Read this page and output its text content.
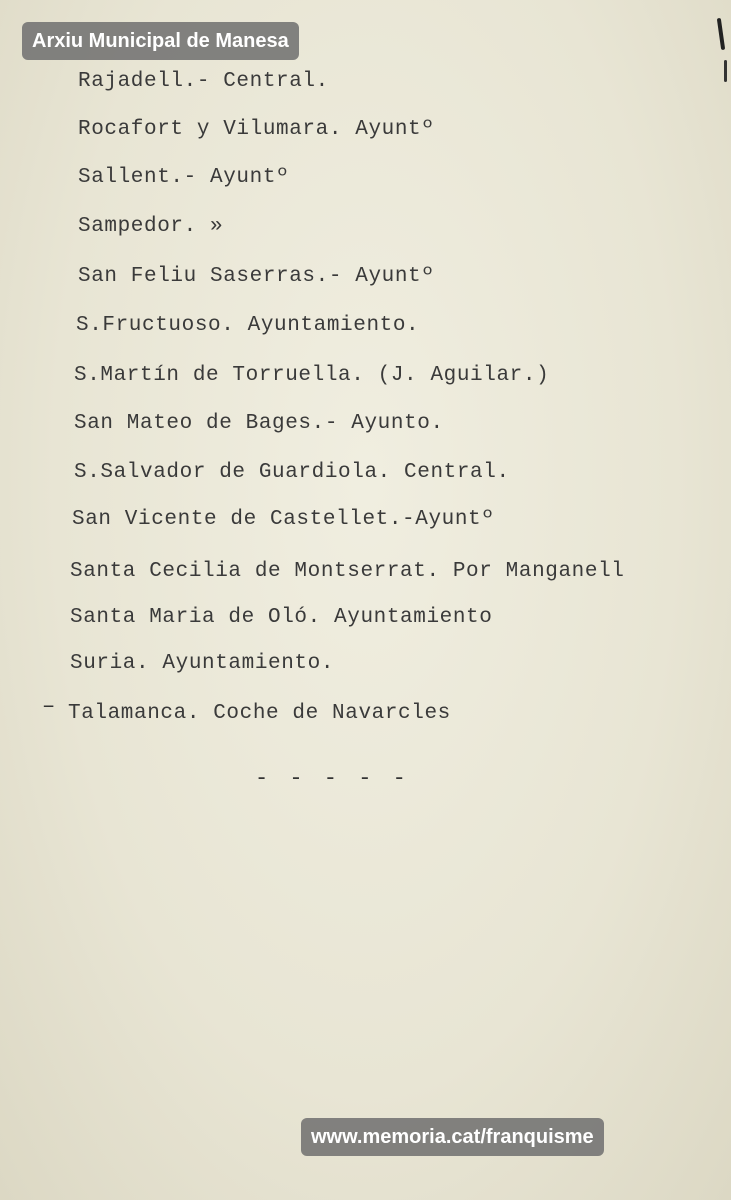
Arxiu Municipal de Manesa
Rajadell.- Central.
Rocafort y Vilumara. Ayuntº
Sallent.- Ayuntº
Sampedor. »
San Feliu Saserras.- Ayuntº
S.Fructuoso. Ayuntamiento.
S.Martín de Torruella. (J. Aguilar.)
San Mateo de Bages.- Ayunto.
S.Salvador de Guardiola. Central.
San Vicente de Castellet.-Ayuntº
Santa Cecilia de Montserrat. Por Manganell
Santa Maria de Oló. Ayuntamiento
Suria. Ayuntamiento.
– Talamanca. Coche de Navarcles
- - - - -
www.memoria.cat/franquisme
